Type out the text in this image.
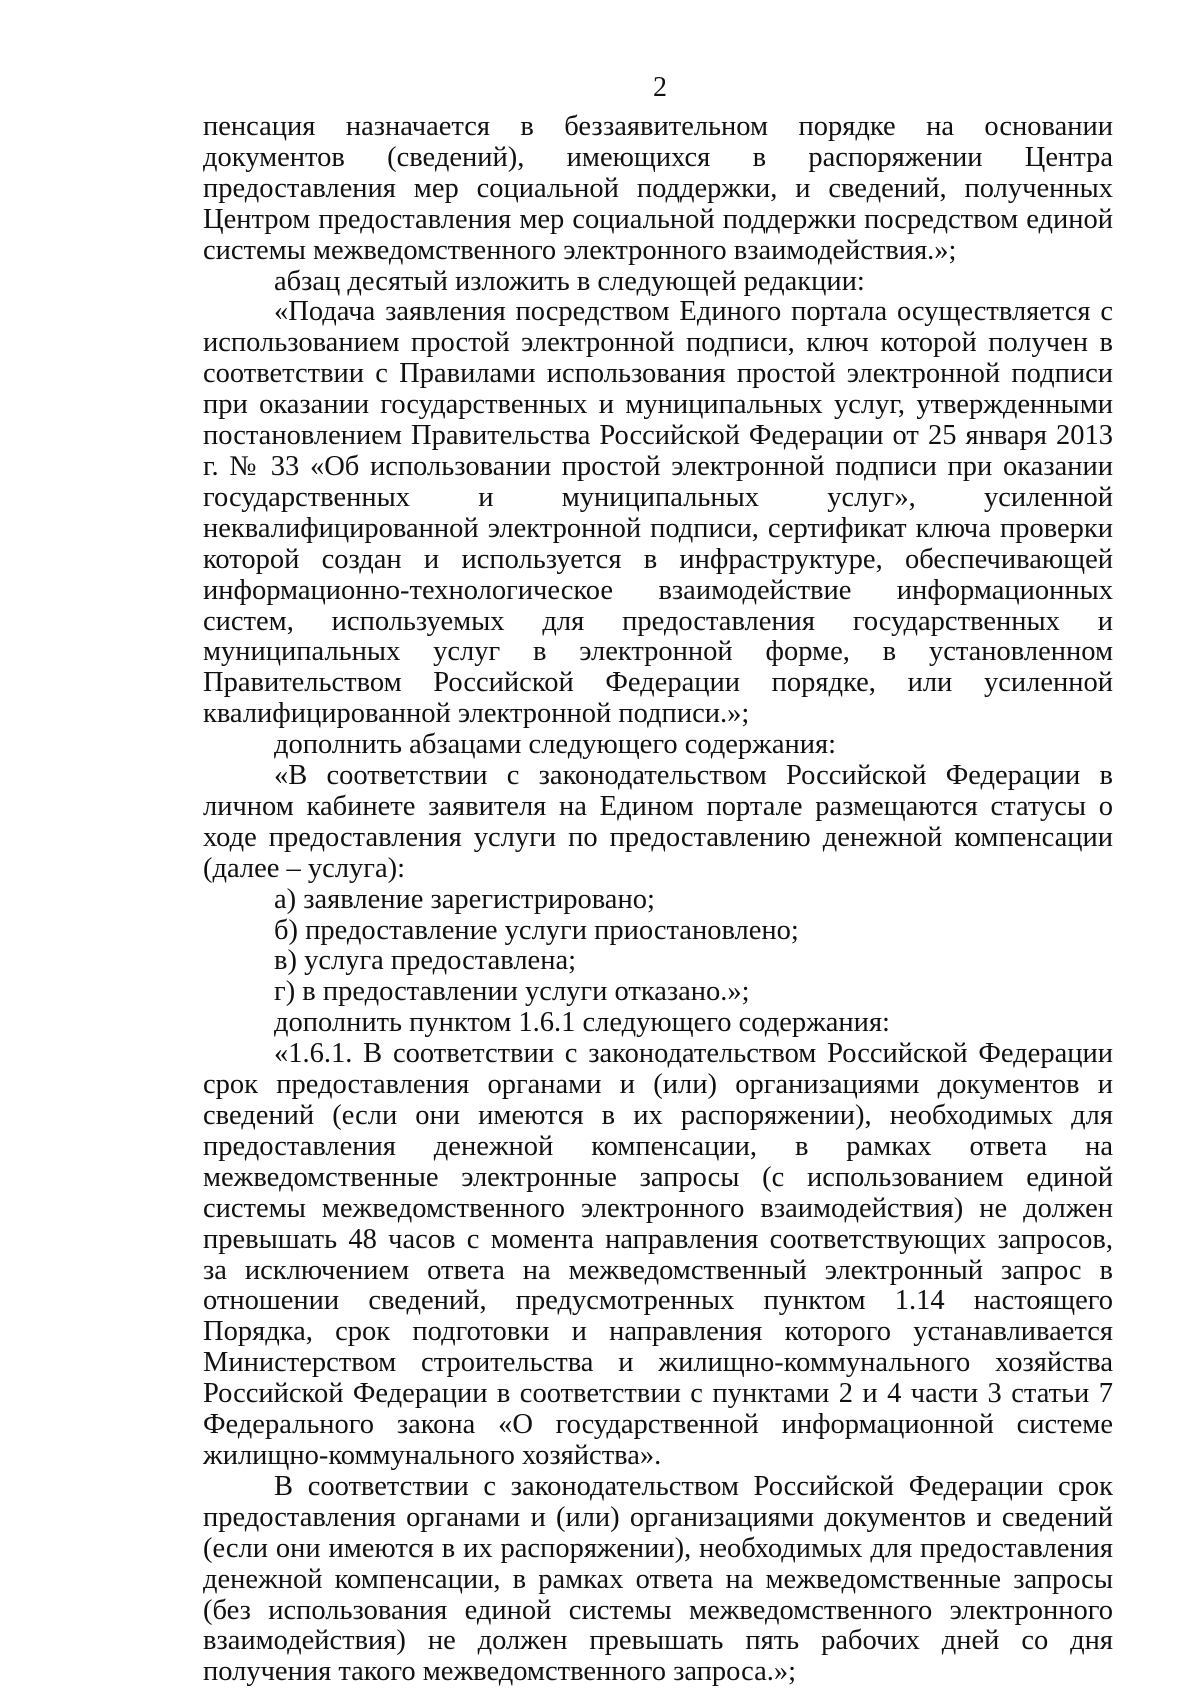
2

пенсация назначается в беззаявительном порядке на основании документов (сведений), имеющихся в распоряжении Центра предоставления мер социальной поддержки, и сведений, полученных Центром предоставления мер социальной поддержки посредством единой системы межведомственного электронного взаимодействия.»;

абзац десятый изложить в следующей редакции:

«Подача заявления посредством Единого портала осуществляется с использованием простой электронной подписи, ключ которой получен в соответствии с Правилами использования простой электронной подписи при оказании государственных и муниципальных услуг, утвержденными постановлением Правительства Российской Федерации от 25 января 2013 г. № 33 «Об использовании простой электронной подписи при оказании государственных и муниципальных услуг», усиленной неквалифицированной электронной подписи, сертификат ключа проверки которой создан и используется в инфраструктуре, обеспечивающей информационно-технологическое взаимодействие информационных систем, используемых для предоставления государственных и муниципальных услуг в электронной форме, в установленном Правительством Российской Федерации порядке, или усиленной квалифицированной электронной подписи.»;

дополнить абзацами следующего содержания:

«В соответствии с законодательством Российской Федерации в личном кабинете заявителя на Едином портале размещаются статусы о ходе предоставления услуги по предоставлению денежной компенсации (далее – услуга):

а) заявление зарегистрировано;

б) предоставление услуги приостановлено;

в) услуга предоставлена;

г) в предоставлении услуги отказано.»;

дополнить пунктом 1.6.1 следующего содержания:

«1.6.1. В соответствии с законодательством Российской Федерации срок предоставления органами и (или) организациями документов и сведений (если они имеются в их распоряжении), необходимых для предоставления денежной компенсации, в рамках ответа на межведомственные электронные запросы (с использованием единой системы межведомственного электронного взаимодействия) не должен превышать 48 часов с момента направления соответствующих запросов, за исключением ответа на межведомственный электронный запрос в отношении сведений, предусмотренных пунктом 1.14 настоящего Порядка, срок подготовки и направления которого устанавливается Министерством строительства и жилищно-коммунального хозяйства Российской Федерации в соответствии с пунктами 2 и 4 части 3 статьи 7 Федерального закона «О государственной информационной системе жилищно-коммунального хозяйства».

В соответствии с законодательством Российской Федерации срок предоставления органами и (или) организациями документов и сведений (если они имеются в их распоряжении), необходимых для предоставления денежной компенсации, в рамках ответа на межведомственные запросы (без использования единой системы межведомственного электронного взаимодействия) не должен превышать пять рабочих дней со дня получения такого межведомственного запроса.»;
